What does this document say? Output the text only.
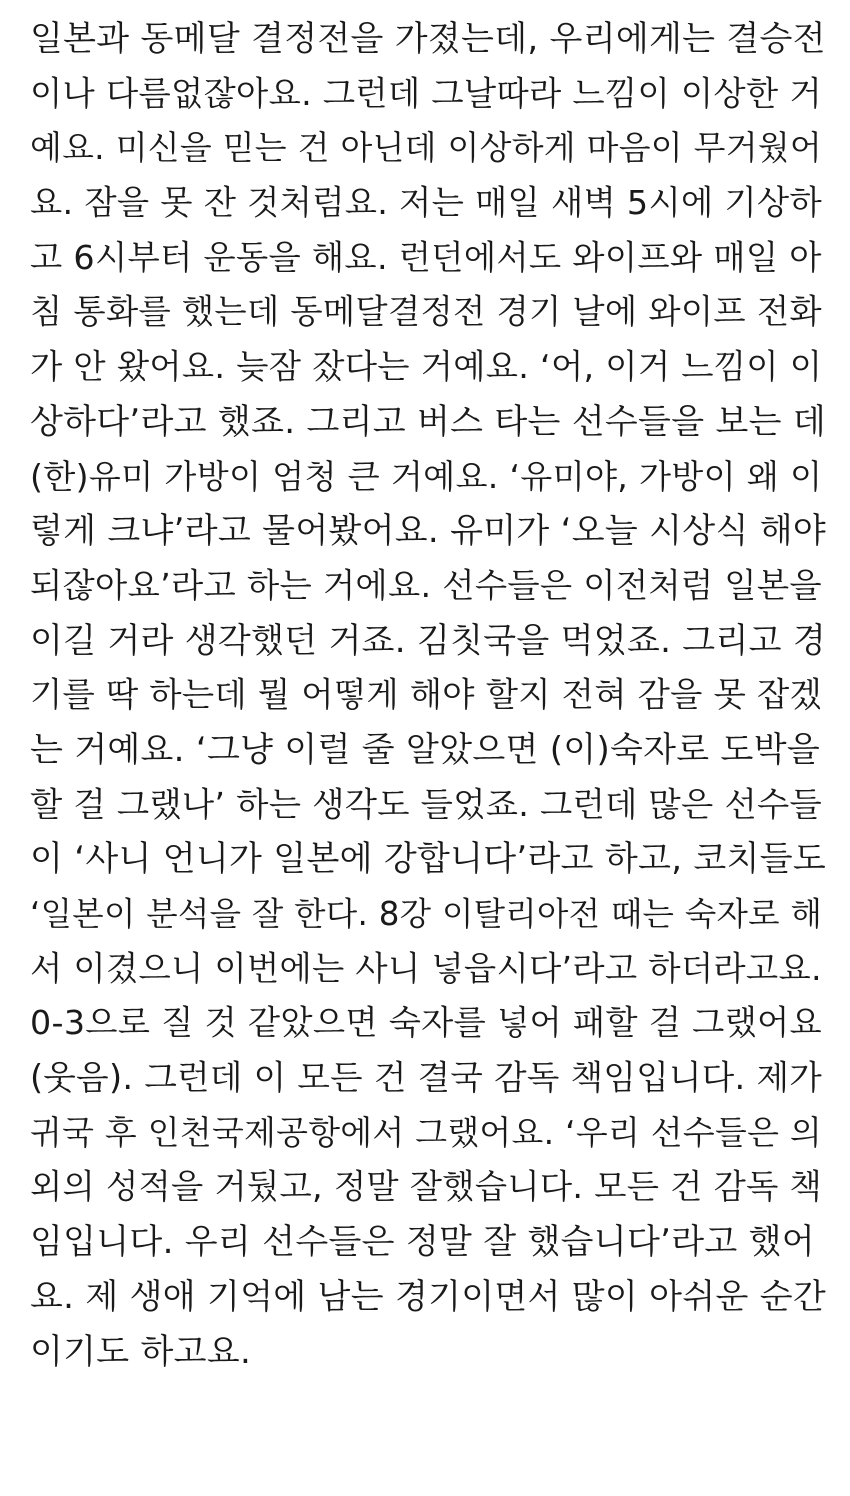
일본과 동메달 결정전을 가졌는데, 우리에게는 결승전
이나 다름없잖아요. 그런데 그날따라 느낌이 이상한 거
예요. 미신을 믿는 건 아닌데 이상하게 마음이 무거웠어
요. 잠을 못 잔 것처럼요. 저는 매일 새벽 5시에 기상하
고 6시부터 운동을 해요. 런던에서도 와이프와 매일 아
침 통화를 했는데 동메달결정전 경기 날에 와이프 전화
가 안 왔어요. 늦잠 잤다는 거예요. ‘어, 이거 느낌이 이
상하다’라고 했죠. 그리고 버스 타는 선수들을 보는 데
(한)유미 가방이 엄청 큰 거예요. ‘유미야, 가방이 왜 이
렇게 크냐’라고 물어봤어요. 유미가 ‘오늘 시상식 해야
되잖아요’라고 하는 거에요. 선수들은 이전처럼 일본을
이길 거라 생각했던 거죠. 김칫국을 먹었죠. 그리고 경
기를 딱 하는데 뭘 어떻게 해야 할지 전혀 감을 못 잡겠
는 거예요. ‘그냥 이럴 줄 알았으면 (이)숙자로 도박을
할 걸 그랬나’ 하는 생각도 들었죠. 그런데 많은 선수들
이 ‘사니 언니가 일본에 강합니다’라고 하고, 코치들도
‘일본이 분석을 잘 한다. 8강 이탈리아전 때는 숙자로 해
서 이겼으니 이번에는 사니 넣읍시다’라고 하더라고요.
0-3으로 질 것 같았으면 숙자를 넣어 패할 걸 그랬어요
(웃음). 그런데 이 모든 건 결국 감독 책임입니다. 제가
귀국 후 인천국제공항에서 그랬어요. ‘우리 선수들은 의
외의 성적을 거뒀고, 정말 잘했습니다. 모든 건 감독 책
임입니다. 우리 선수들은 정말 잘 했습니다’라고 했어
요. 제 생애 기억에 남는 경기이면서 많이 아쉬운 순간
이기도 하고요.
